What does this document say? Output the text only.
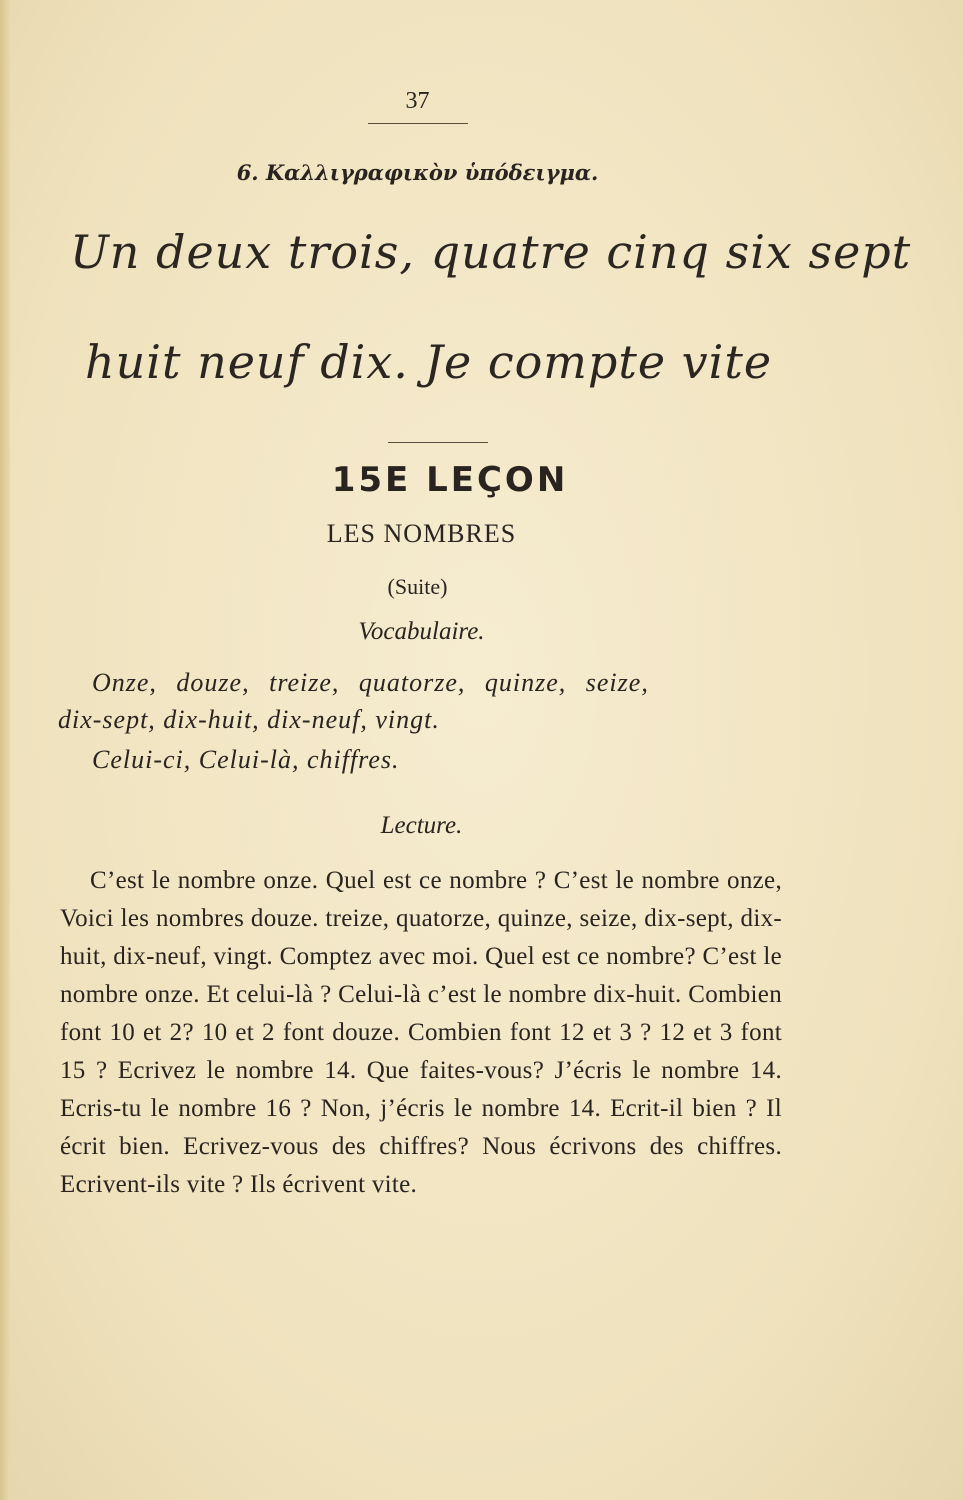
37
6. Καλλιγραφικὸν ὑπόδειγμα.
Un deux trois, quatre cinq six sept
huit neuf dix. Je compte vite
15E LEÇON
LES NOMBRES
(Suite)
Vocabulaire.
Onze, douze, treize, quatorze, quinze, seize,
dix-sept, dix-huit, dix-neuf, vingt.
Celui-ci, Celui-là, chiffres.
Lecture.

C’est le nombre onze. Quel est ce nombre ? C’est le nombre onze, Voici les nombres douze. treize, quatorze, quinze, seize, dix-sept, dix-huit, dix-neuf, vingt. Comptez avec moi. Quel est ce nombre? C’est le nombre onze. Et celui-là ? Celui-là c’est le nombre dix-huit. Combien font 10 et 2? 10 et 2 font douze. Combien font 12 et 3 ? 12 et 3 font 15 ? Ecrivez le nombre 14. Que faites-vous? J’écris le nombre 14. Ecris-tu le nombre 16 ? Non, j’écris le nombre 14. Ecrit-il bien ? Il écrit bien. Ecrivez-vous des chiffres? Nous écrivons des chiffres. Ecrivent-ils vite ? Ils écrivent vite.
